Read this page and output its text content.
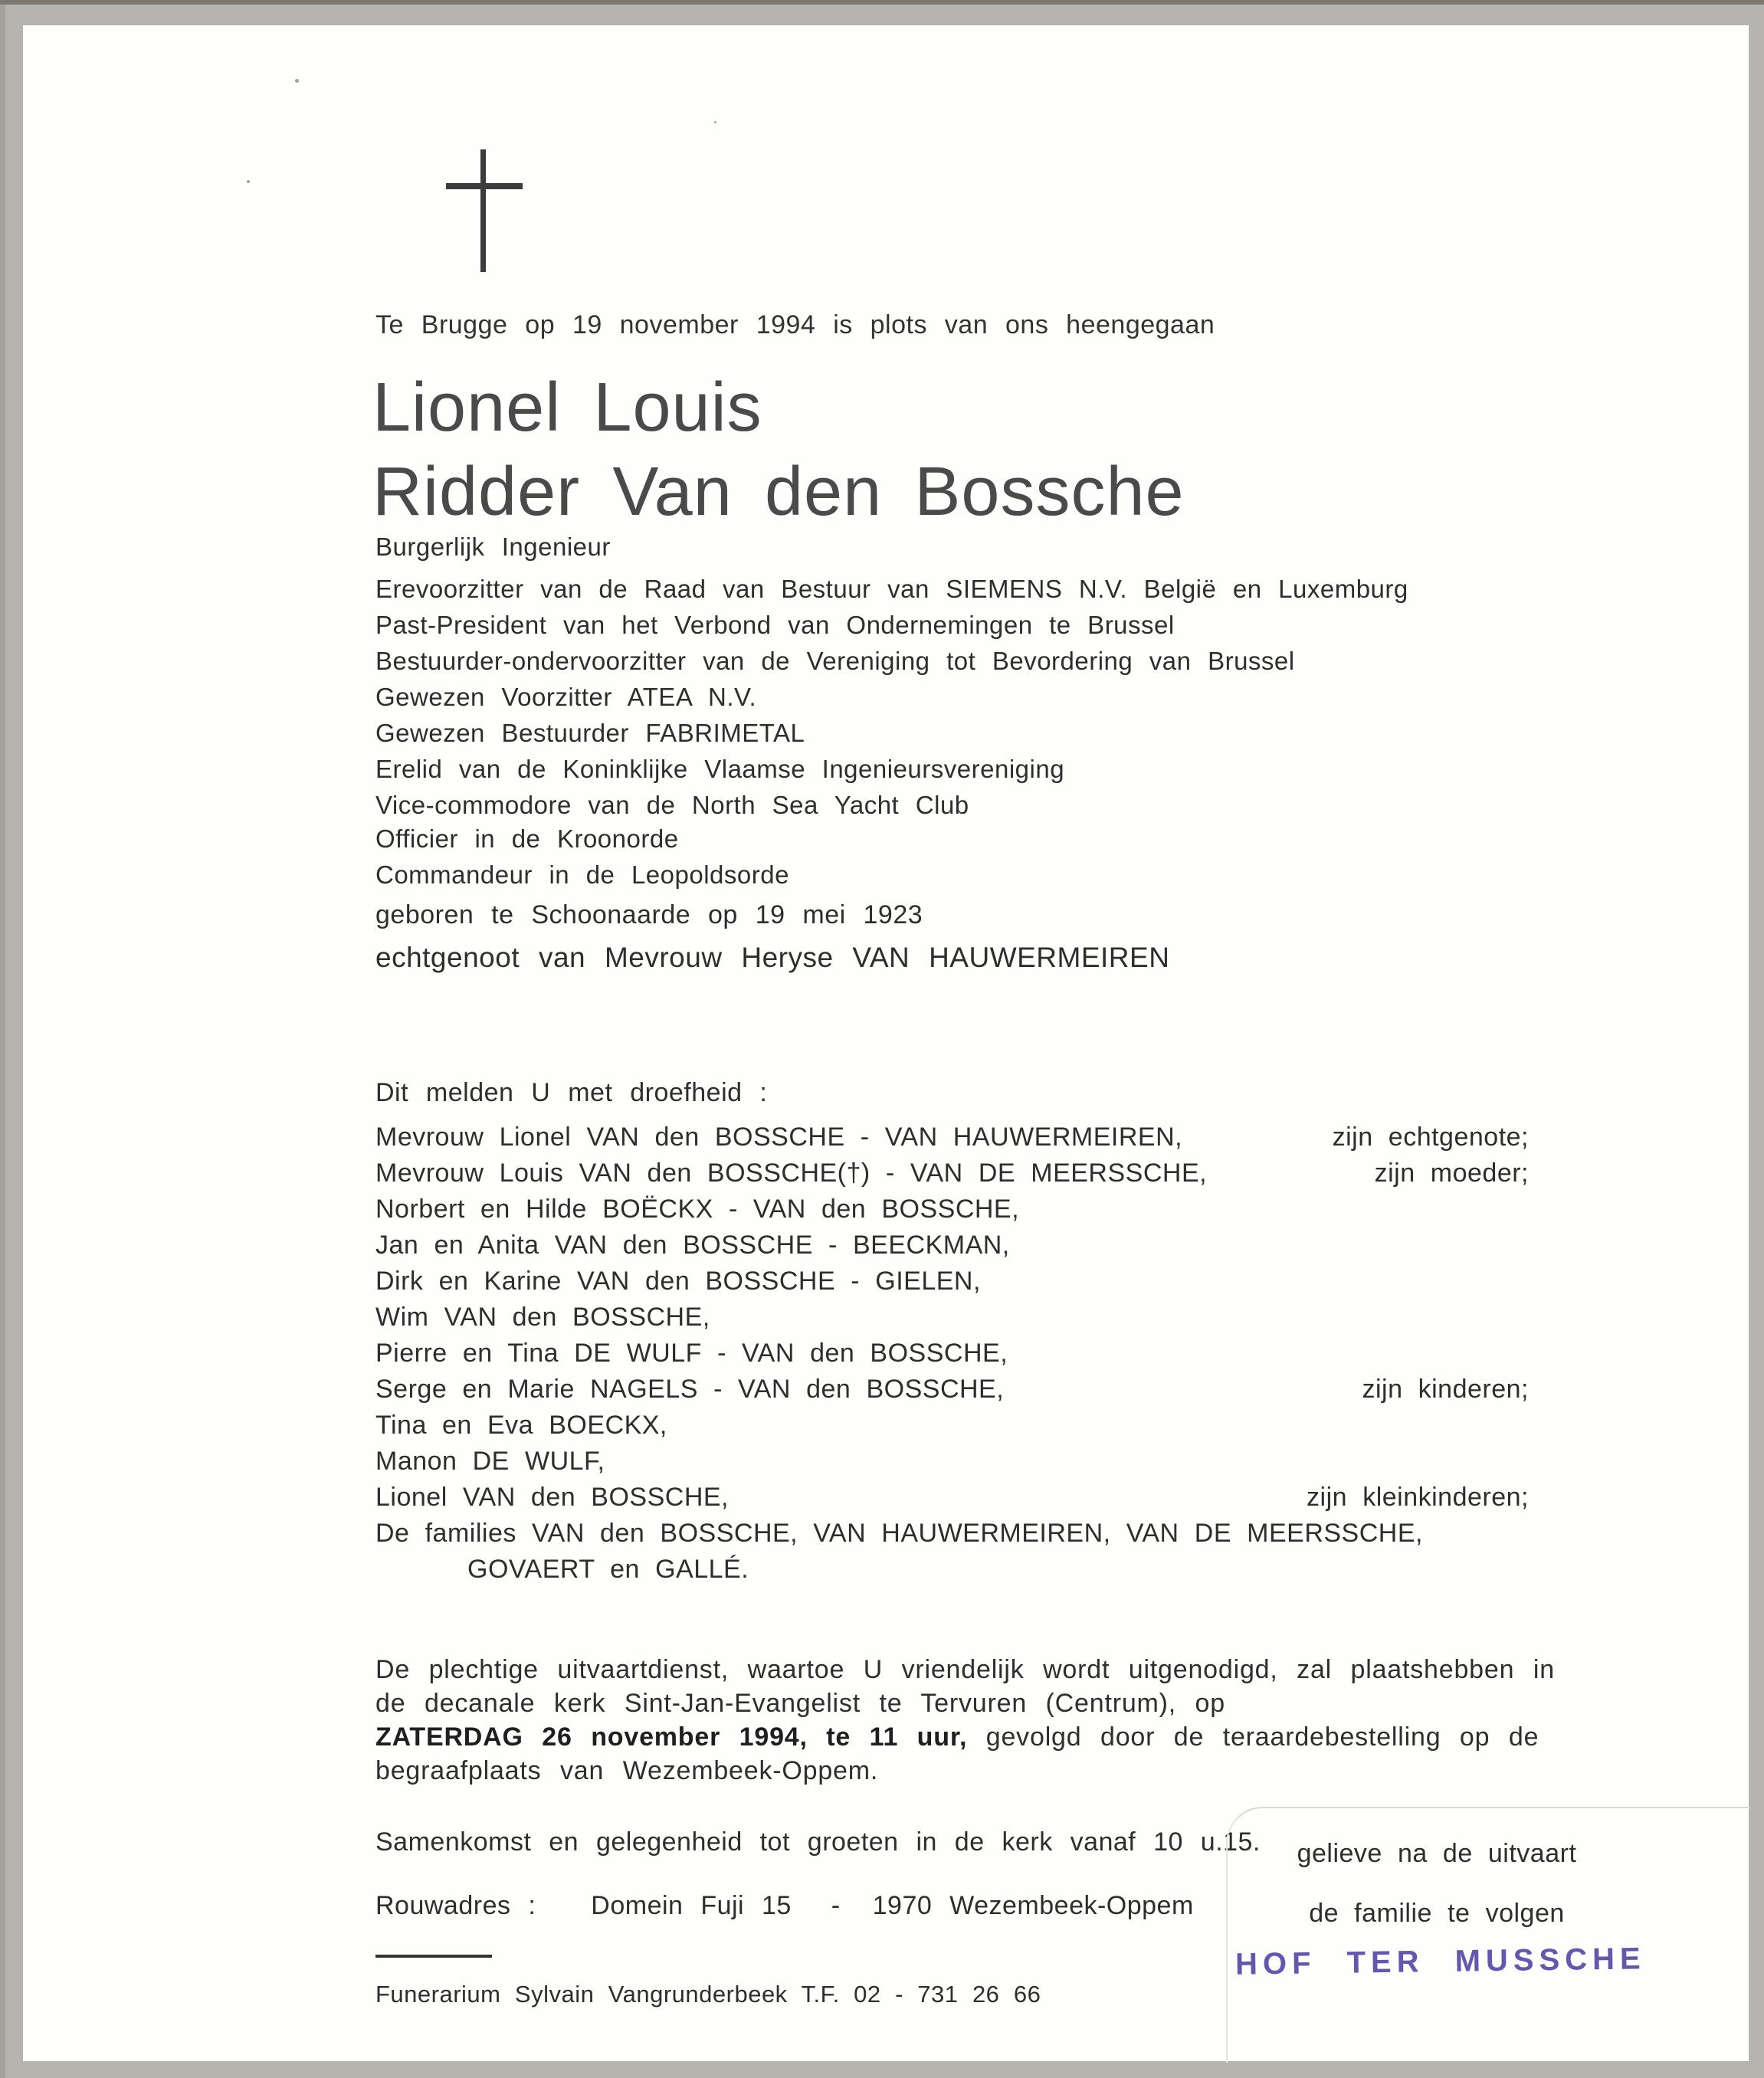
Te Brugge op 19 november 1994 is plots van ons heengegaan
Lionel Louis
Ridder Van den Bossche
Burgerlijk Ingenieur
Erevoorzitter van de Raad van Bestuur van SIEMENS N.V. België en Luxemburg
Past-President van het Verbond van Ondernemingen te Brussel
Bestuurder-ondervoorzitter van de Vereniging tot Bevordering van Brussel
Gewezen Voorzitter ATEA N.V.
Gewezen Bestuurder FABRIMETAL
Erelid van de Koninklijke Vlaamse Ingenieursvereniging
Vice-commodore van de North Sea Yacht Club
Officier in de Kroonorde
Commandeur in de Leopoldsorde
geboren te Schoonaarde op 19 mei 1923
echtgenoot van Mevrouw Heryse VAN HAUWERMEIREN
Dit melden U met droefheid :
Mevrouw Lionel VAN den BOSSCHE - VAN HAUWERMEIREN,	zijn echtgenote;
Mevrouw Louis VAN den BOSSCHE(†) - VAN DE MEERSSCHE,	zijn moeder;
Norbert en Hilde BOËCKX - VAN den BOSSCHE,
Jan en Anita VAN den BOSSCHE - BEECKMAN,
Dirk en Karine VAN den BOSSCHE - GIELEN,
Wim VAN den BOSSCHE,
Pierre en Tina DE WULF - VAN den BOSSCHE,
Serge en Marie NAGELS - VAN den BOSSCHE,	zijn kinderen;
Tina en Eva BOECKX,
Manon DE WULF,
Lionel VAN den BOSSCHE,	zijn kleinkinderen;
De families VAN den BOSSCHE, VAN HAUWERMEIREN, VAN DE MEERSSCHE,
GOVAERT en GALLÉ.
De plechtige uitvaartdienst, waartoe U vriendelijk wordt uitgenodigd, zal plaatshebben in
de decanale kerk Sint-Jan-Evangelist te Tervuren (Centrum), op
ZATERDAG 26 november 1994, te 11 uur, gevolgd door de teraardebestelling op de
begraafplaats van Wezembeek-Oppem.
Samenkomst en gelegenheid tot groeten in de kerk vanaf 10 u.15.
Rouwadres : Domein Fuji 15 - 1970 Wezembeek-Oppem
gelieve na de uitvaart
de familie te volgen
HOF TER MUSSCHE
Funerarium Sylvain Vangrunderbeek T.F. 02 - 731 26 66
